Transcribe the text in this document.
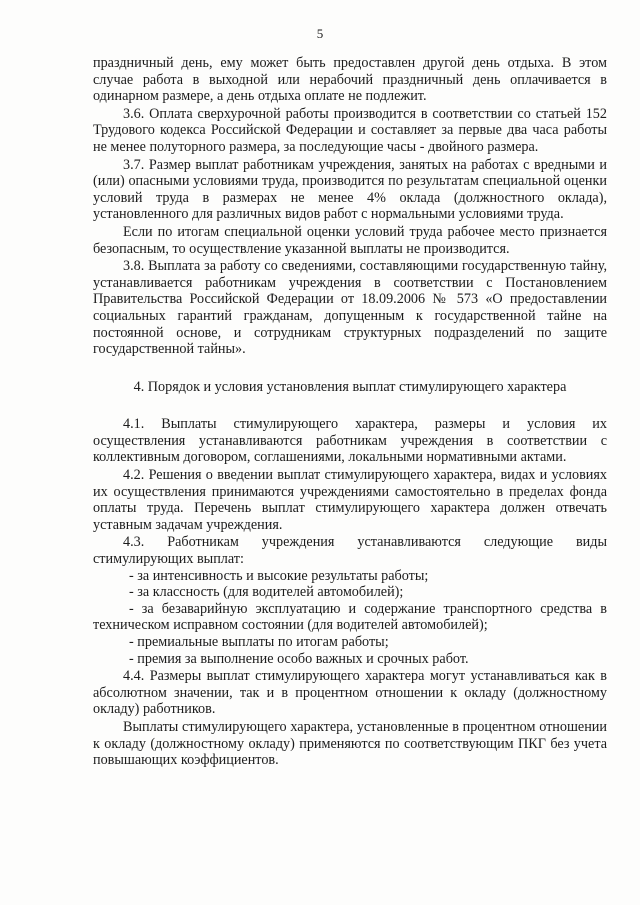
5

праздничный день, ему может быть предоставлен другой день отдыха. В этом случае работа в выходной или нерабочий праздничный день оплачивается в одинарном размере, а день отдыха оплате не подлежит.

3.6. Оплата сверхурочной работы производится в соответствии со статьей 152 Трудового кодекса Российской Федерации и составляет за первые два часа работы не менее полуторного размера, за последующие часы - двойного размера.

3.7. Размер выплат работникам учреждения, занятых на работах с вредными и (или) опасными условиями труда, производится по результатам специальной оценки условий труда в размерах не менее 4% оклада (должностного оклада), установленного для различных видов работ с нормальными условиями труда.

Если по итогам специальной оценки условий труда рабочее место признается безопасным, то осуществление указанной выплаты не производится.

3.8. Выплата за работу со сведениями, составляющими государственную тайну, устанавливается работникам учреждения в соответствии с Постановлением Правительства Российской Федерации от 18.09.2006 № 573 «О предоставлении социальных гарантий гражданам, допущенным к государственной тайне на постоянной основе, и сотрудникам структурных подразделений по защите государственной тайны».

4. Порядок и условия установления выплат стимулирующего характера

4.1. Выплаты стимулирующего характера, размеры и условия их осуществления устанавливаются работникам учреждения в соответствии с коллективным договором, соглашениями, локальными нормативными актами.

4.2. Решения о введении выплат стимулирующего характера, видах и условиях их осуществления принимаются учреждениями самостоятельно в пределах фонда оплаты труда. Перечень выплат стимулирующего характера должен отвечать уставным задачам учреждения.

4.3. Работникам учреждения устанавливаются следующие виды стимулирующих выплат:

- за интенсивность и высокие результаты работы;

- за классность (для водителей автомобилей);

- за безаварийную эксплуатацию и содержание транспортного средства в техническом исправном состоянии (для водителей автомобилей);

- премиальные выплаты по итогам работы;

- премия за выполнение особо важных и срочных работ.

4.4. Размеры выплат стимулирующего характера могут устанавливаться как в абсолютном значении, так и в процентном отношении к окладу (должностному окладу) работников.

Выплаты стимулирующего характера, установленные в процентном отношении к окладу (должностному окладу) применяются по соответствующим ПКГ без учета повышающих коэффициентов.
